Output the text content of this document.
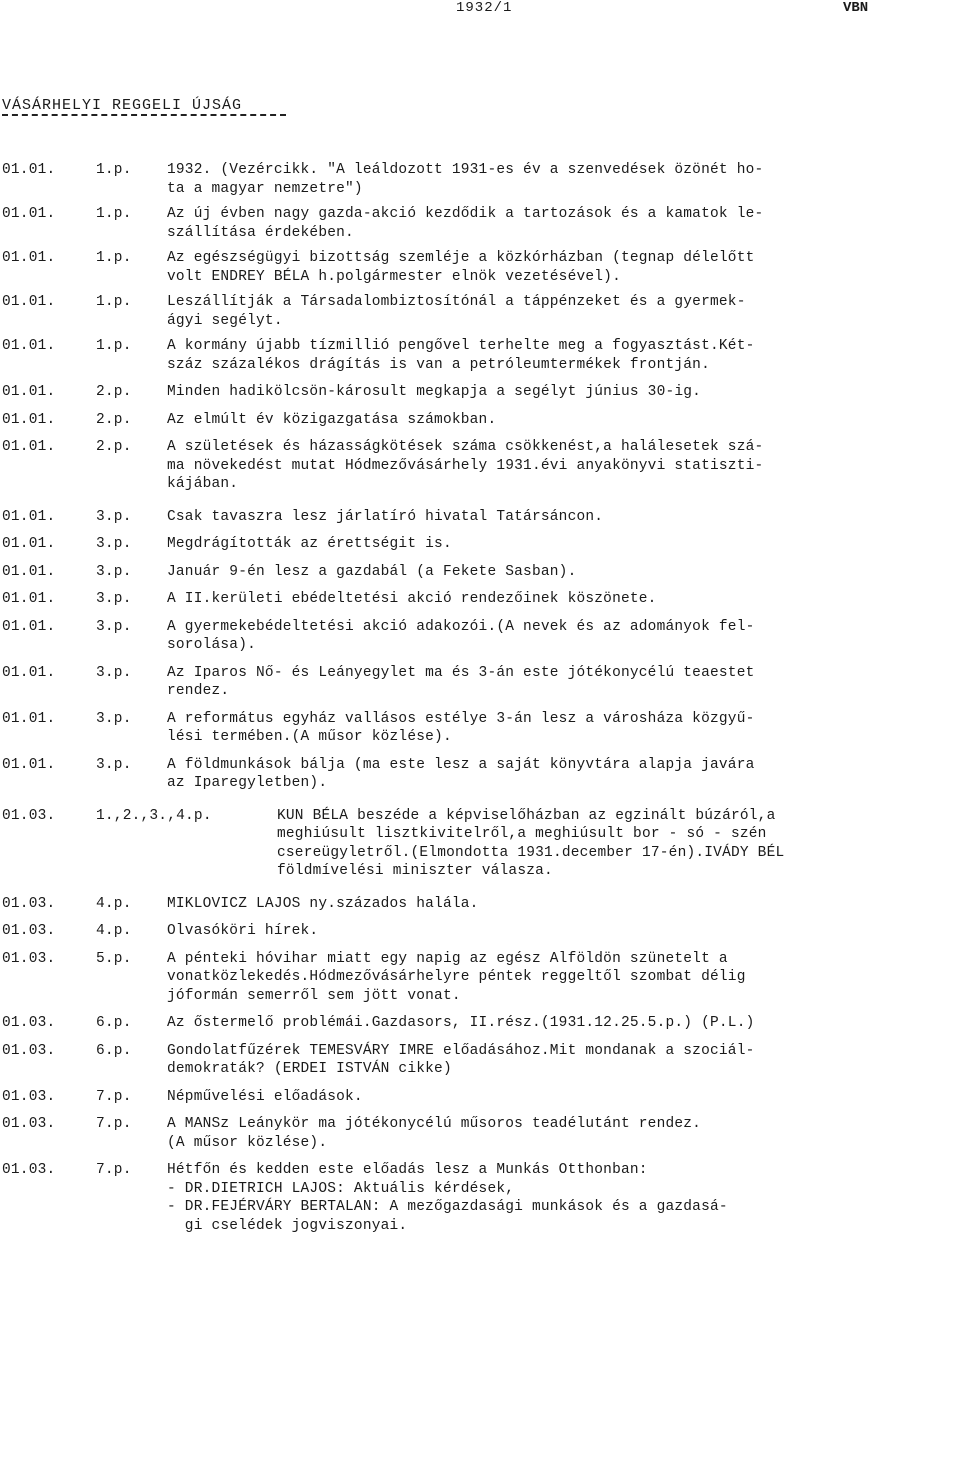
1932/1	VBN
VÁSÁRHELYI REGGELI ÚJSÁG
01.01.	1.p. 1932. (Vezércikk. "A leáldozott 1931-es év a szenvedések özönét ho-
ta a magyar nemzetre")
01.01.	1.p. Az új évben nagy gazda-akció kezdődik a tartozások és a kamatok le-
szállítása érdekében.
01.01.	1.p. Az egészségügyi bizottság szemléje a közkórházban (tegnap délelőtt
volt ENDREY BÉLA h.polgármester elnök vezetésével).
01.01.	1.p. Leszállítják a Társadalombiztosítónál a táppénzeket és a gyermek-
ágyi segélyt.
01.01.	1.p. A kormány újabb tízmillió pengővel terhelte meg a fogyasztást.Két-
száz százalékos drágítás is van a petróleumtermékek frontján.
01.01.	2.p. Minden hadikölcsön-károsult megkapja a segélyt június 30-ig.
01.01.	2.p. Az elmúlt év közigazgatása számokban.
01.01.	2.p. A születések és házasságkötések száma csökkenést,a halálesetek szá-
ma növekedést mutat Hódmezővásárhely 1931.évi anyakönyvi statiszti-
kájában.
01.01.	3.p. Csak tavaszra lesz járlatíró hivatal Tatársáncon.
01.01.	3.p. Megdrágították az érettségit is.
01.01.	3.p. Január 9-én lesz a gazdabál (a Fekete Sasban).
01.01.	3.p. A II.kerületi ebédeltetési akció rendezőinek köszönete.
01.01.	3.p. A gyermekebédeltetési akció adakozói.(A nevek és az adományok fel-
sorolása).
01.01.	3.p. Az Iparos Nő- és Leányegylet ma és 3-án este jótékonycélú teaestet
rendez.
01.01.	3.p. A református egyház vallásos estélye 3-án lesz a városháza közgyű-
lési termében.(A műsor közlése).
01.01.	3.p. A földmunkások bálja (ma este lesz a saját könyvtára alapja javára
az Iparegyletben).
01.03.	1.,2.,3.,4.p.	KUN BÉLA beszéde a képviselőházban az egzinált búzáról,a
meghiúsult lisztkivitelről,a meghiúsult bor - só - szén
csereügyletről.(Elmondotta 1931.december 17-én).IVÁDY BÉL
földmívelési miniszter válasza.
01.03.	4.p. MIKLOVICZ LAJOS ny.százados halála.
01.03.	4.p. Olvasóköri hírek.
01.03.	5.p. A pénteki hóvihar miatt egy napig az egész Alföldön szünetelt a
vonatközlekedés.Hódmezővásárhelyre péntek reggeltől szombat délig
jóformán semerről sem jött vonat.
01.03.	6.p. Az őstermelő problémái.Gazdasors, II.rész.(1931.12.25.5.p.) (P.L.)
01.03.	6.p. Gondolatfűzérek TEMESVÁRY IMRE előadásához.Mit mondanak a szociál-
demokraták? (ERDEI ISTVÁN cikke)
01.03.	7.p. Népművelési előadások.
01.03.	7.p. A MANSz Leánykör ma jótékonycélú műsoros teadélutánt rendez.
(A műsor közlése).
01.03.	7.p. Hétfőn és kedden este előadás lesz a Munkás Otthonban:
- DR.DIETRICH LAJOS: Aktuális kérdések,
- DR.FEJÉRVÁRY BERTALAN: A mezőgazdasági munkások és a gazdasá-
gi cselédek jogviszonyai.
